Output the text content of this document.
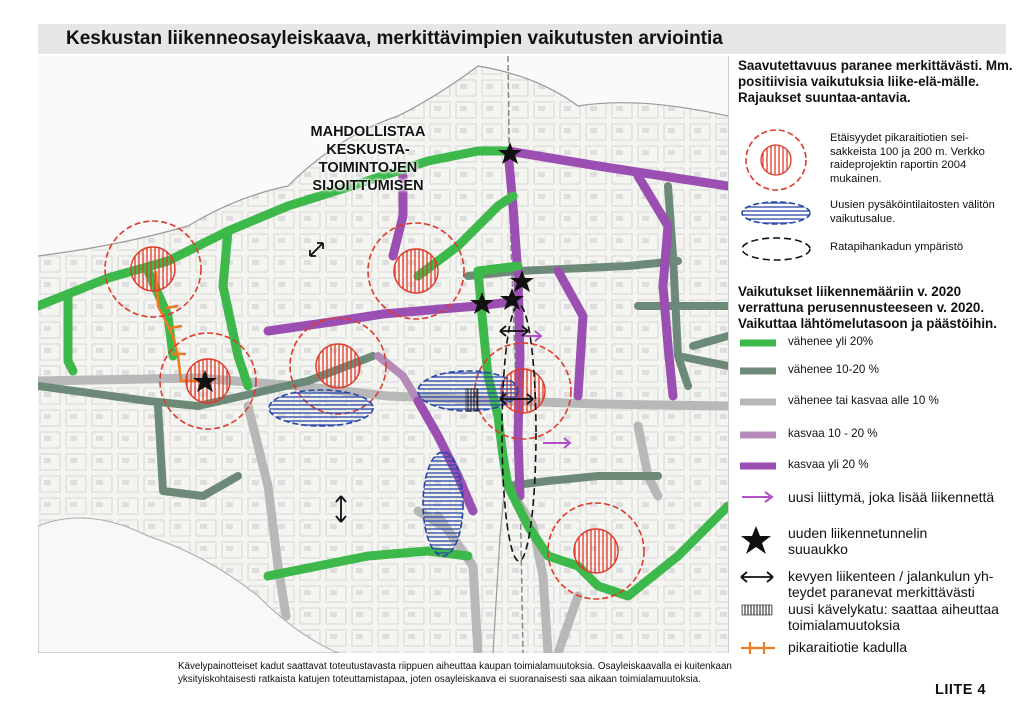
Keskustan liikenneosayleiskaava, merkittävimpien vaikutusten arviointia
MAHDOLLISTAA
KESKUSTA-
TOIMINTOJEN
SIJOITTUMISEN
Saavutettavuus paranee merkittävästi. Mm. positiivisia vaikutuksia liike-elä-mälle. Rajaukset suuntaa-antavia.
Etäisyydet pikaraitiotien sei-sakkeista 100 ja 200 m. Verkko raideprojektin raportin 2004 mukainen.
Uusien pysäköintilaitosten välitön vaikutusalue.
Ratapihankadun ympäristö
Vaikutukset liikennemääriin v. 2020 verrattuna perusennusteeseen v. 2020. Vaikuttaa lähtömelutasoon ja päästöihin.
vähenee yli 20%
vähenee 10-20 %
vähenee tai kasvaa alle 10 %
kasvaa 10 - 20 %
kasvaa yli 20 %
uusi liittymä, joka lisää liikennettä
uuden liikennetunnelin suuaukko
kevyen liikenteen / jalankulun yh-teydet paranevat merkittävästi
uusi kävelykatu: saattaa aiheuttaa toimialamuutoksia
pikaraitiotie kadulla
Kävelypainotteiset kadut saattavat toteutustavasta riippuen aiheuttaa kaupan toimialamuutoksia. Osayleiskaavalla ei kuitenkaan yksityiskohtaisesti ratkaista katujen toteuttamistapaa, joten osayleiskaava ei suoranaisesti saa aikaan toimialamuutoksia.
LIITE 4
